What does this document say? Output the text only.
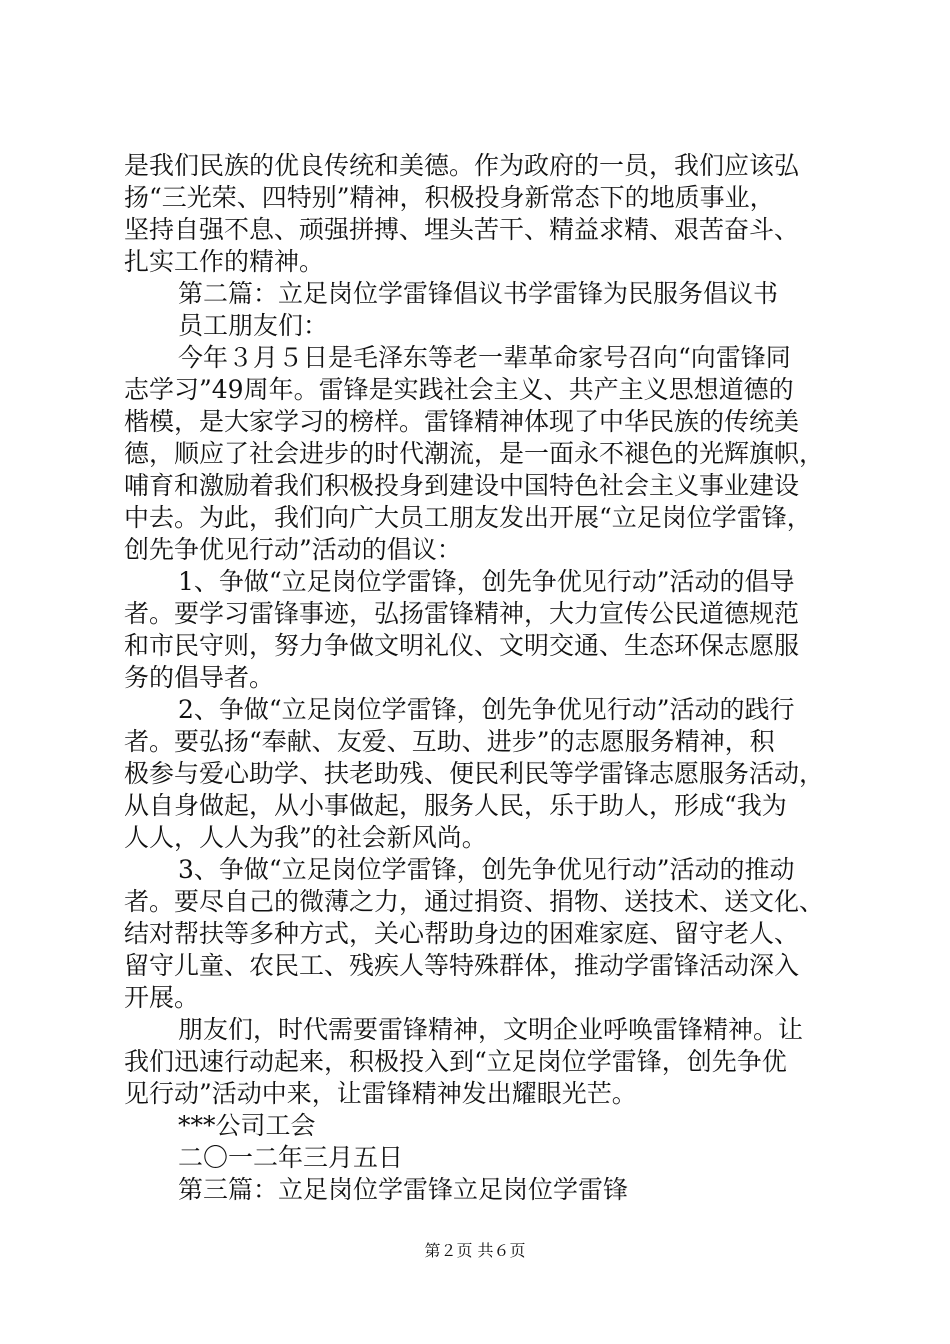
是我们民族的优良传统和美德。作为政府的一员，我们应该弘
扬“三光荣、四特别”精神，积极投身新常态下的地质事业，
坚持自强不息、顽强拼搏、埋头苦干、精益求精、艰苦奋斗、
扎实工作的精神。
第二篇：立足岗位学雷锋倡议书学雷锋为民服务倡议书
员工朋友们：
今年３月５日是毛泽东等老一辈革命家号召向“向雷锋同
志学习”49周年。雷锋是实践社会主义、共产主义思想道德的
楷模，是大家学习的榜样。雷锋精神体现了中华民族的传统美
德，顺应了社会进步的时代潮流，是一面永不褪色的光辉旗帜，
哺育和激励着我们积极投身到建设中国特色社会主义事业建设
中去。为此，我们向广大员工朋友发出开展“立足岗位学雷锋，
创先争优见行动”活动的倡议：
1、争做“立足岗位学雷锋，创先争优见行动”活动的倡导
者。要学习雷锋事迹，弘扬雷锋精神，大力宣传公民道德规范
和市民守则，努力争做文明礼仪、文明交通、生态环保志愿服
务的倡导者。
2、争做“立足岗位学雷锋，创先争优见行动”活动的践行
者。要弘扬“奉献、友爱、互助、进步”的志愿服务精神，积
极参与爱心助学、扶老助残、便民利民等学雷锋志愿服务活动，
从自身做起，从小事做起，服务人民，乐于助人，形成“我为
人人，人人为我”的社会新风尚。
3、争做“立足岗位学雷锋，创先争优见行动”活动的推动
者。要尽自己的微薄之力，通过捐资、捐物、送技术、送文化、
结对帮扶等多种方式，关心帮助身边的困难家庭、留守老人、
留守儿童、农民工、残疾人等特殊群体，推动学雷锋活动深入
开展。
朋友们，时代需要雷锋精神，文明企业呼唤雷锋精神。让
我们迅速行动起来，积极投入到“立足岗位学雷锋，创先争优
见行动”活动中来，让雷锋精神发出耀眼光芒。
***公司工会
二〇一二年三月五日
第三篇：立足岗位学雷锋立足岗位学雷锋
第２页 共６页
